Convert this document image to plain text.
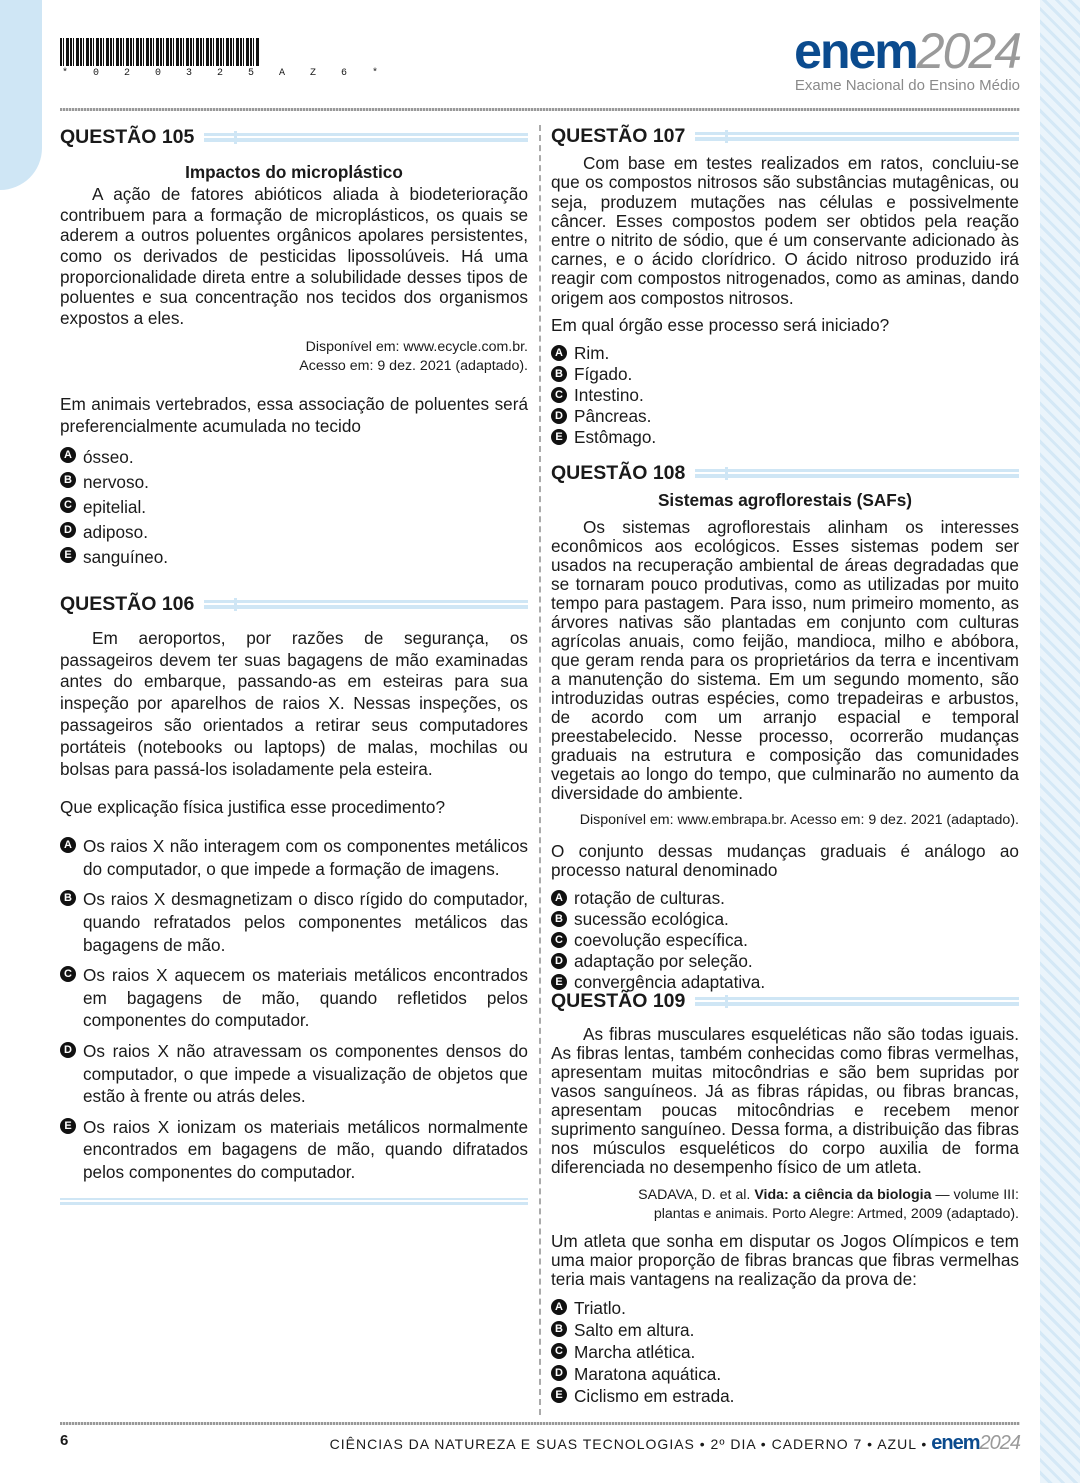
* 0 2 0 3 2 5 A Z 6 *	enem2024
Exame Nacional do Ensino Médio
QUESTÃO 105
Impactos do microplástico

A ação de fatores abióticos aliada à biodeterioração contribuem para a formação de microplásticos, os quais se aderem a outros poluentes orgânicos apolares persistentes, como os derivados de pesticidas lipossolúveis. Há uma proporcionalidade direta entre a solubilidade desses tipos de poluentes e sua concentração nos tecidos dos organismos expostos a eles.

Disponível em: www.ecycle.com.br.
Acesso em: 9 dez. 2021 (adaptado).

Em animais vertebrados, essa associação de poluentes será preferencialmente acumulada no tecido

A ósseo.
B nervoso.
C epitelial.
D adiposo.
E sanguíneo.
QUESTÃO 106

Em aeroportos, por razões de segurança, os passageiros devem ter suas bagagens de mão examinadas antes do embarque, passando-as em esteiras para sua inspeção por aparelhos de raios X. Nessas inspeções, os passageiros são orientados a retirar seus computadores portáteis (notebooks ou laptops) de malas, mochilas ou bolsas para passá-los isoladamente pela esteira.

Que explicação física justifica esse procedimento?

A Os raios X não interagem com os componentes metálicos do computador, o que impede a formação de imagens.
B Os raios X desmagnetizam o disco rígido do computador, quando refratados pelos componentes metálicos das bagagens de mão.
C Os raios X aquecem os materiais metálicos encontrados em bagagens de mão, quando refletidos pelos componentes do computador.
D Os raios X não atravessam os componentes densos do computador, o que impede a visualização de objetos que estão à frente ou atrás deles.
E Os raios X ionizam os materiais metálicos normalmente encontrados em bagagens de mão, quando difratados pelos componentes do computador.
QUESTÃO 107

Com base em testes realizados em ratos, concluiu-se que os compostos nitrosos são substâncias mutagênicas, ou seja, produzem mutações nas células e possivelmente câncer. Esses compostos podem ser obtidos pela reação entre o nitrito de sódio, que é um conservante adicionado às carnes, e o ácido clorídrico. O ácido nitroso produzido irá reagir com compostos nitrogenados, como as aminas, dando origem aos compostos nitrosos.

Em qual órgão esse processo será iniciado?

A Rim.
B Fígado.
C Intestino.
D Pâncreas.
E Estômago.
QUESTÃO 108
Sistemas agroflorestais (SAFs)

Os sistemas agroflorestais alinham os interesses econômicos aos ecológicos. Esses sistemas podem ser usados na recuperação ambiental de áreas degradadas que se tornaram pouco produtivas, como as utilizadas por muito tempo para pastagem. Para isso, num primeiro momento, as árvores nativas são plantadas em conjunto com culturas agrícolas anuais, como feijão, mandioca, milho e abóbora, que geram renda para os proprietários da terra e incentivam a manutenção do sistema. Em um segundo momento, são introduzidas outras espécies, como trepadeiras e arbustos, de acordo com um arranjo espacial e temporal preestabelecido. Nesse processo, ocorrerão mudanças graduais na estrutura e composição das comunidades vegetais ao longo do tempo, que culminarão no aumento da diversidade do ambiente.

Disponível em: www.embrapa.br. Acesso em: 9 dez. 2021 (adaptado).

O conjunto dessas mudanças graduais é análogo ao processo natural denominado

A rotação de culturas.
B sucessão ecológica.
C coevolução específica.
D adaptação por seleção.
E convergência adaptativa.
QUESTÃO 109

As fibras musculares esqueléticas não são todas iguais. As fibras lentas, também conhecidas como fibras vermelhas, apresentam muitas mitocôndrias e são bem supridas por vasos sanguíneos. Já as fibras rápidas, ou fibras brancas, apresentam poucas mitocôndrias e recebem menor suprimento sanguíneo. Dessa forma, a distribuição das fibras nos músculos esqueléticos do corpo auxilia de forma diferenciada no desempenho físico de um atleta.

SADAVA, D. et al. Vida: a ciência da biologia — volume III: plantas e animais. Porto Alegre: Artmed, 2009 (adaptado).

Um atleta que sonha em disputar os Jogos Olímpicos e tem uma maior proporção de fibras brancas que fibras vermelhas teria mais vantagens na realização da prova de:

A Triatlo.
B Salto em altura.
C Marcha atlética.
D Maratona aquática.
E Ciclismo em estrada.
6	CIÊNCIAS DA NATUREZA E SUAS TECNOLOGIAS • 2º DIA • CADERNO 7 • AZUL • enem2024
